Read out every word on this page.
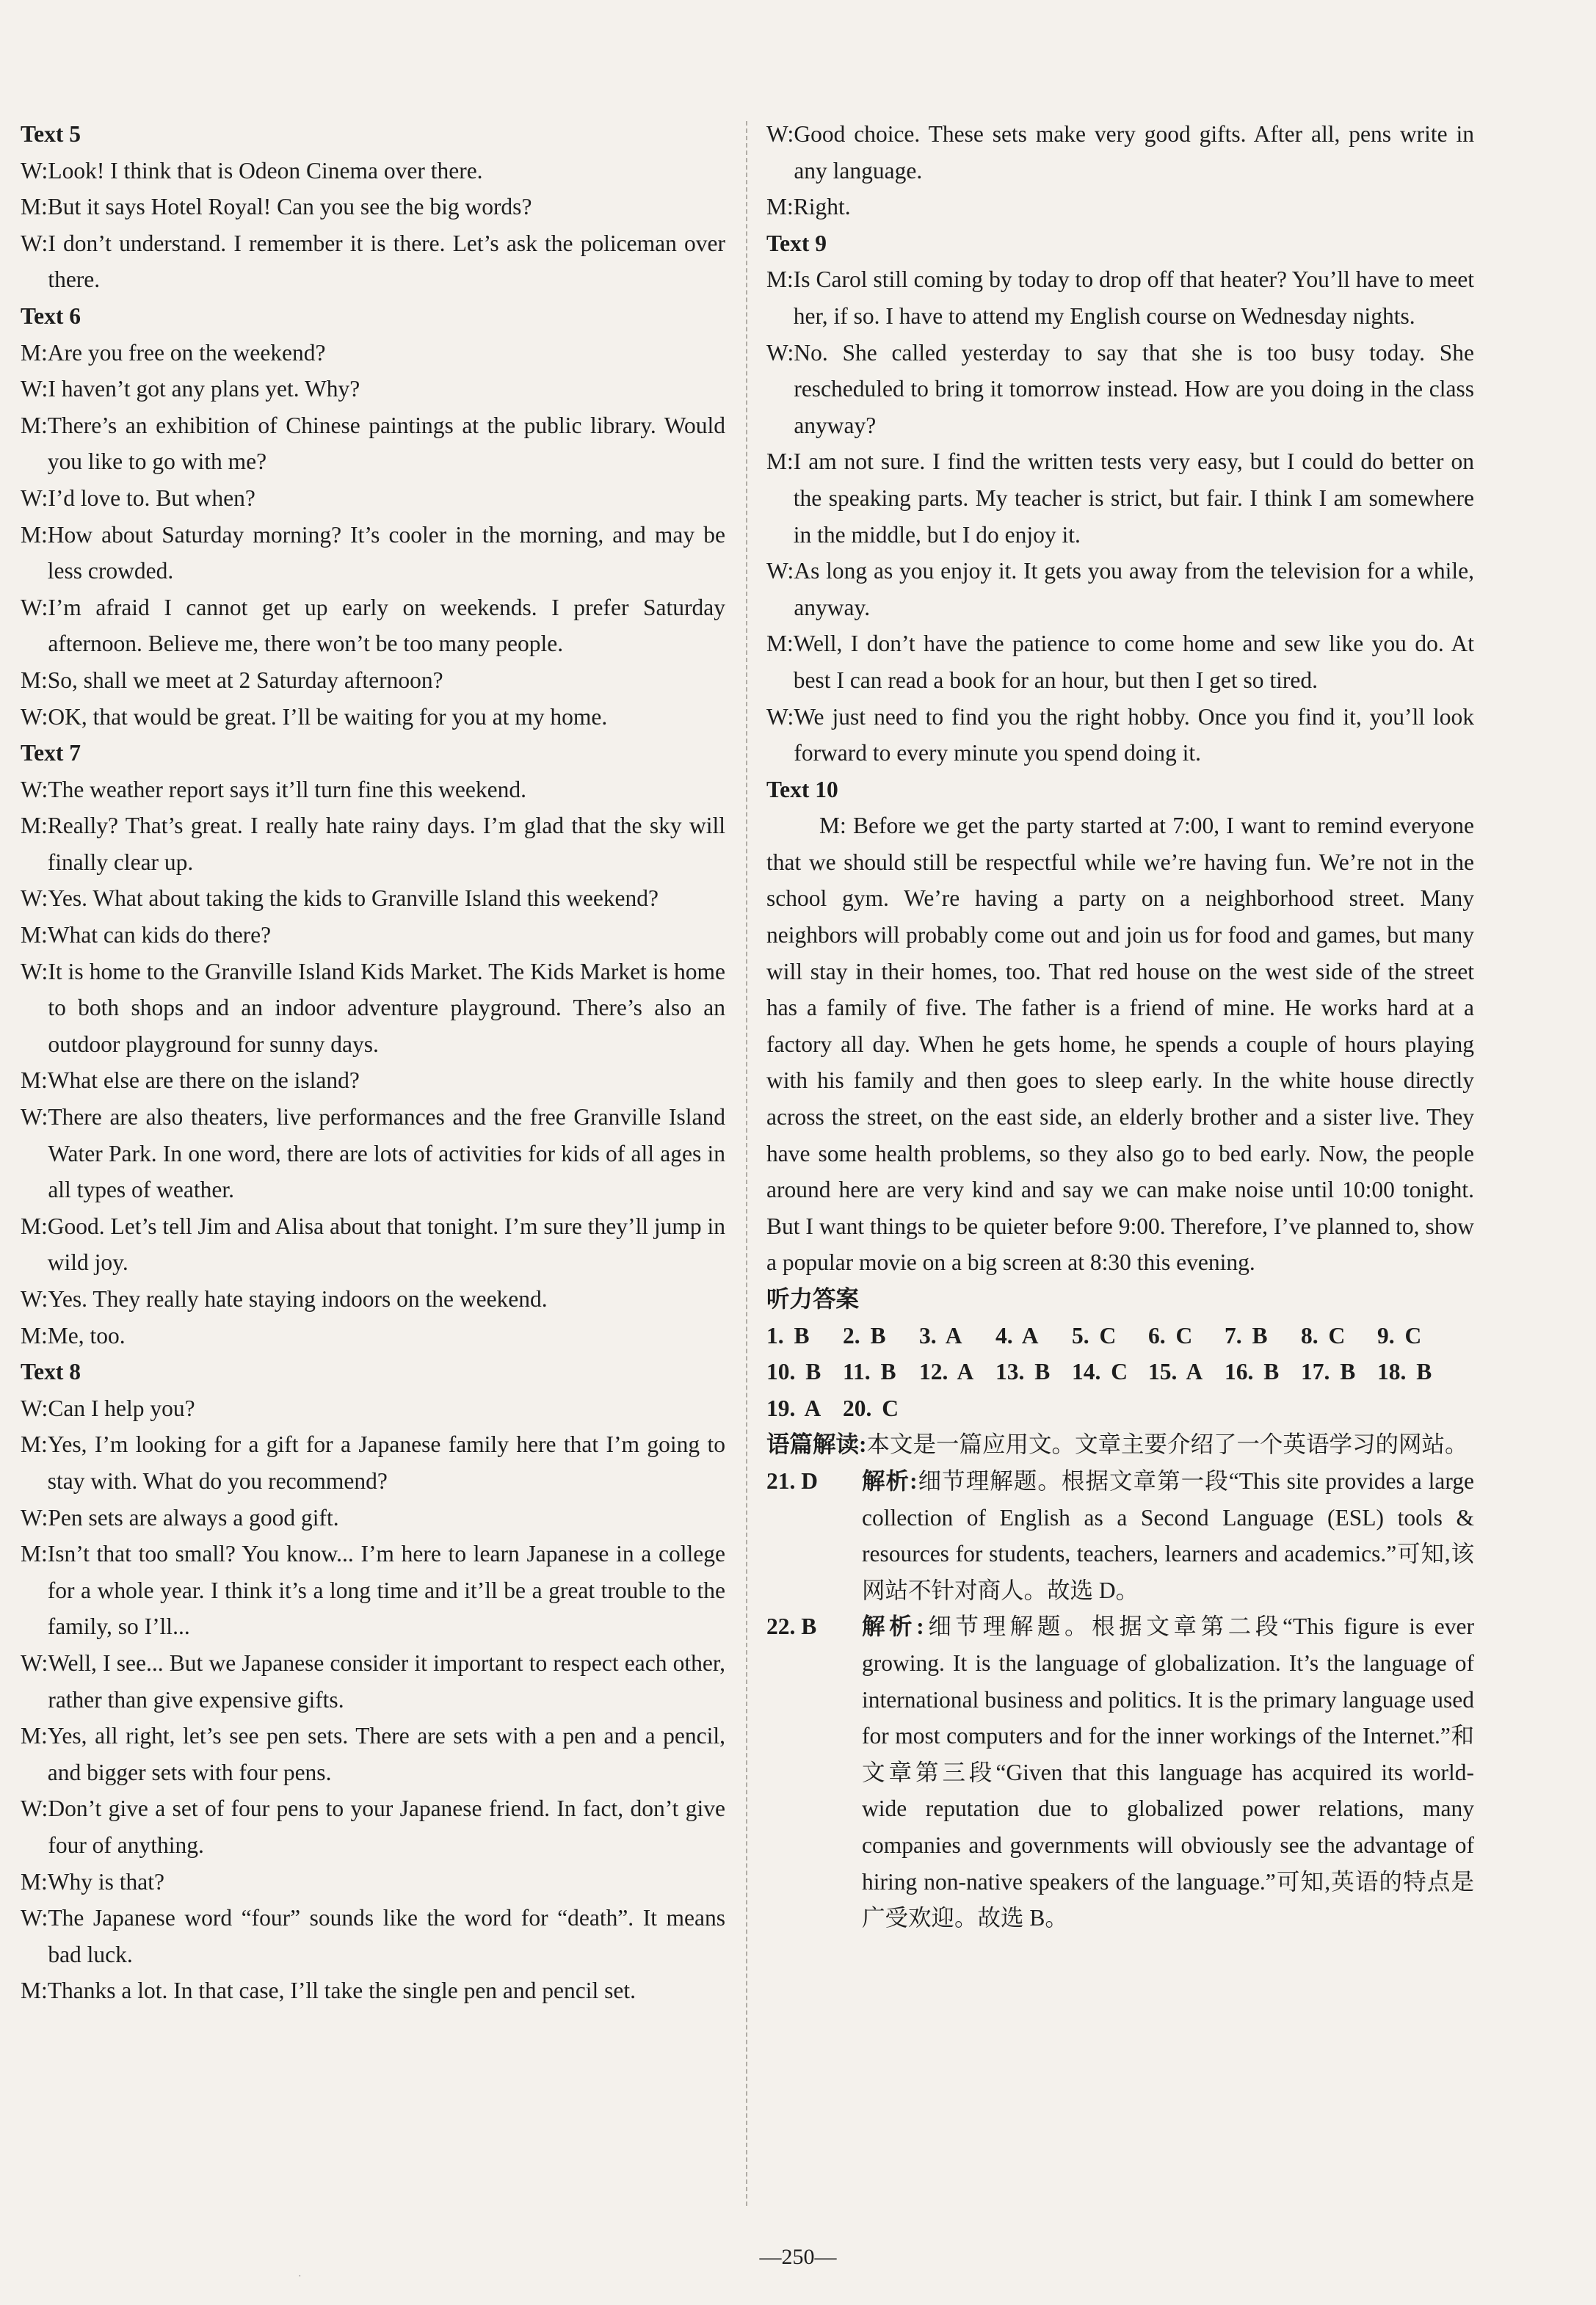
Text 5
W: Look! I think that is Odeon Cinema over there.
M: But it says Hotel Royal! Can you see the big words?
W: I don’t understand. I remember it is there. Let’s ask the policeman over there.
Text 6
M: Are you free on the weekend?
W: I haven’t got any plans yet. Why?
M: There’s an exhibition of Chinese paintings at the public library. Would you like to go with me?
W: I’d love to. But when?
M: How about Saturday morning? It’s cooler in the morning, and may be less crowded.
W: I’m afraid I cannot get up early on weekends. I prefer Saturday afternoon. Believe me, there won’t be too many people.
M: So, shall we meet at 2 Saturday afternoon?
W: OK, that would be great. I’ll be waiting for you at my home.
Text 7
W: The weather report says it’ll turn fine this weekend.
M: Really? That’s great. I really hate rainy days. I’m glad that the sky will finally clear up.
W: Yes. What about taking the kids to Granville Island this weekend?
M: What can kids do there?
W: It is home to the Granville Island Kids Market. The Kids Market is home to both shops and an indoor adventure playground. There’s also an outdoor playground for sunny days.
M: What else are there on the island?
W: There are also theaters, live performances and the free Granville Island Water Park. In one word, there are lots of activities for kids of all ages in all types of weather.
M: Good. Let’s tell Jim and Alisa about that tonight. I’m sure they’ll jump in wild joy.
W: Yes. They really hate staying indoors on the weekend.
M: Me, too.
Text 8
W: Can I help you?
M: Yes, I’m looking for a gift for a Japanese family here that I’m going to stay with. What do you recommend?
W: Pen sets are always a good gift.
M: Isn’t that too small? You know... I’m here to learn Japanese in a college for a whole year. I think it’s a long time and it’ll be a great trouble to the family, so I’ll...
W: Well, I see... But we Japanese consider it important to respect each other, rather than give expensive gifts.
M: Yes, all right, let’s see pen sets. There are sets with a pen and a pencil, and bigger sets with four pens.
W: Don’t give a set of four pens to your Japanese friend. In fact, don’t give four of anything.
M: Why is that?
W: The Japanese word “four” sounds like the word for “death”. It means bad luck.
M: Thanks a lot. In that case, I’ll take the single pen and pencil set.
W: Good choice. These sets make very good gifts. After all, pens write in any language.
M: Right.
Text 9
M: Is Carol still coming by today to drop off that heater? You’ll have to meet her, if so. I have to attend my English course on Wednesday nights.
W: No. She called yesterday to say that she is too busy today. She rescheduled to bring it tomorrow instead. How are you doing in the class anyway?
M: I am not sure. I find the written tests very easy, but I could do better on the speaking parts. My teacher is strict, but fair. I think I am somewhere in the middle, but I do enjoy it.
W: As long as you enjoy it. It gets you away from the television for a while, anyway.
M: Well, I don’t have the patience to come home and sew like you do. At best I can read a book for an hour, but then I get so tired.
W: We just need to find you the right hobby. Once you find it, you’ll look forward to every minute you spend doing it.
Text 10
M: Before we get the party started at 7:00, I want to remind everyone that we should still be respectful while we’re having fun. We’re not in the school gym. We’re having a party on a neighborhood street. Many neighbors will probably come out and join us for food and games, but many will stay in their homes, too. That red house on the west side of the street has a family of five. The father is a friend of mine. He works hard at a factory all day. When he gets home, he spends a couple of hours playing with his family and then goes to sleep early. In the white house directly across the street, on the east side, an elderly brother and a sister live. They have some health problems, so they also go to bed early. Now, the people around here are very kind and say we can make noise until 10:00 tonight. But I want things to be quieter before 9:00. Therefore, I’ve planned to, show a popular movie on a big screen at 8:30 this evening.
听力答案
1. B 2. B 3. A 4. A 5. C 6. C 7. B 8. C 9. C
10. B 11. B 12. A 13. B 14. C 15. A 16. B 17. B 18. B
19. A 20. C
语篇解读:本文是一篇应用文。文章主要介绍了一个英语学习的网站。
21. D	解析:细节理解题。根据文章第一段“This site provides a large collection of English as a Second Language (ESL) tools & resources for students, teachers, learners and academics.”可知,该网站不针对商人。故选 D。
22. B	解析:细节理解题。根据文章第二段“This figure is ever growing. It is the language of globalization. It’s the language of international business and politics. It is the primary language used for most computers and for the inner workings of the Internet.”和文章第三段“Given that this language has acquired its world-wide reputation due to globalized power relations, many companies and governments will obviously see the advantage of hiring non-native speakers of the language.”可知,英语的特点是广受欢迎。故选 B。
—250—
·
